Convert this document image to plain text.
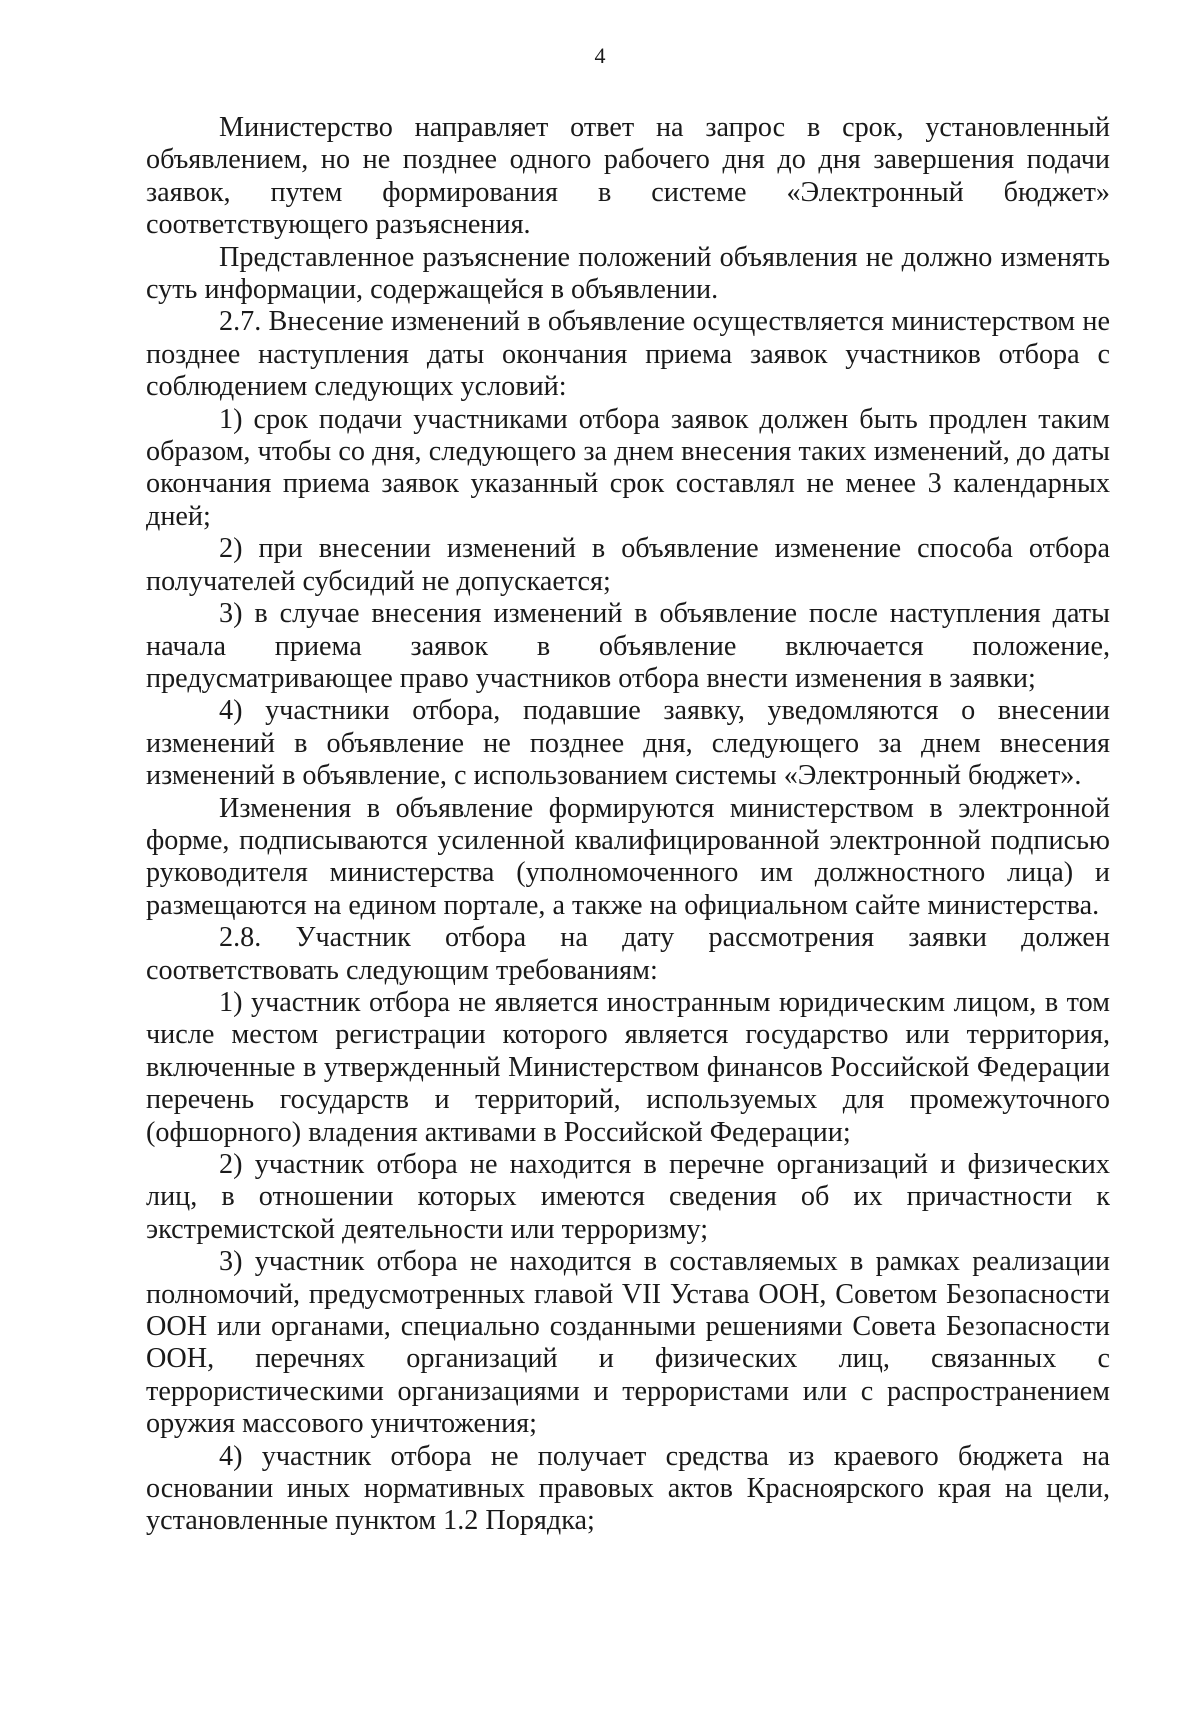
4

Министерство направляет ответ на запрос в срок, установленный объявлением, но не позднее одного рабочего дня до дня завершения подачи заявок, путем формирования в системе «Электронный бюджет» соответствующего разъяснения.

Представленное разъяснение положений объявления не должно изменять суть информации, содержащейся в объявлении.

2.7. Внесение изменений в объявление осуществляется министерством не позднее наступления даты окончания приема заявок участников отбора с соблюдением следующих условий:

1) срок подачи участниками отбора заявок должен быть продлен таким образом, чтобы со дня, следующего за днем внесения таких изменений, до даты окончания приема заявок указанный срок составлял не менее 3 календарных дней;

2) при внесении изменений в объявление изменение способа отбора получателей субсидий не допускается;

3) в случае внесения изменений в объявление после наступления даты начала приема заявок в объявление включается положение, предусматривающее право участников отбора внести изменения в заявки;

4) участники отбора, подавшие заявку, уведомляются о внесении изменений в объявление не позднее дня, следующего за днем внесения изменений в объявление, с использованием системы «Электронный бюджет».

Изменения в объявление формируются министерством в электронной форме, подписываются усиленной квалифицированной электронной подписью руководителя министерства (уполномоченного им должностного лица) и размещаются на едином портале, а также на официальном сайте министерства.

2.8. Участник отбора на дату рассмотрения заявки должен соответствовать следующим требованиям:

1) участник отбора не является иностранным юридическим лицом, в том числе местом регистрации которого является государство или территория, включенные в утвержденный Министерством финансов Российской Федерации перечень государств и территорий, используемых для промежуточного (офшорного) владения активами в Российской Федерации;

2) участник отбора не находится в перечне организаций и физических лиц, в отношении которых имеются сведения об их причастности к экстремистской деятельности или терроризму;

3) участник отбора не находится в составляемых в рамках реализации полномочий, предусмотренных главой VII Устава ООН, Советом Безопасности ООН или органами, специально созданными решениями Совета Безопасности ООН, перечнях организаций и физических лиц, связанных с террористическими организациями и террористами или с распространением оружия массового уничтожения;

4) участник отбора не получает средства из краевого бюджета на основании иных нормативных правовых актов Красноярского края на цели, установленные пунктом 1.2 Порядка;
